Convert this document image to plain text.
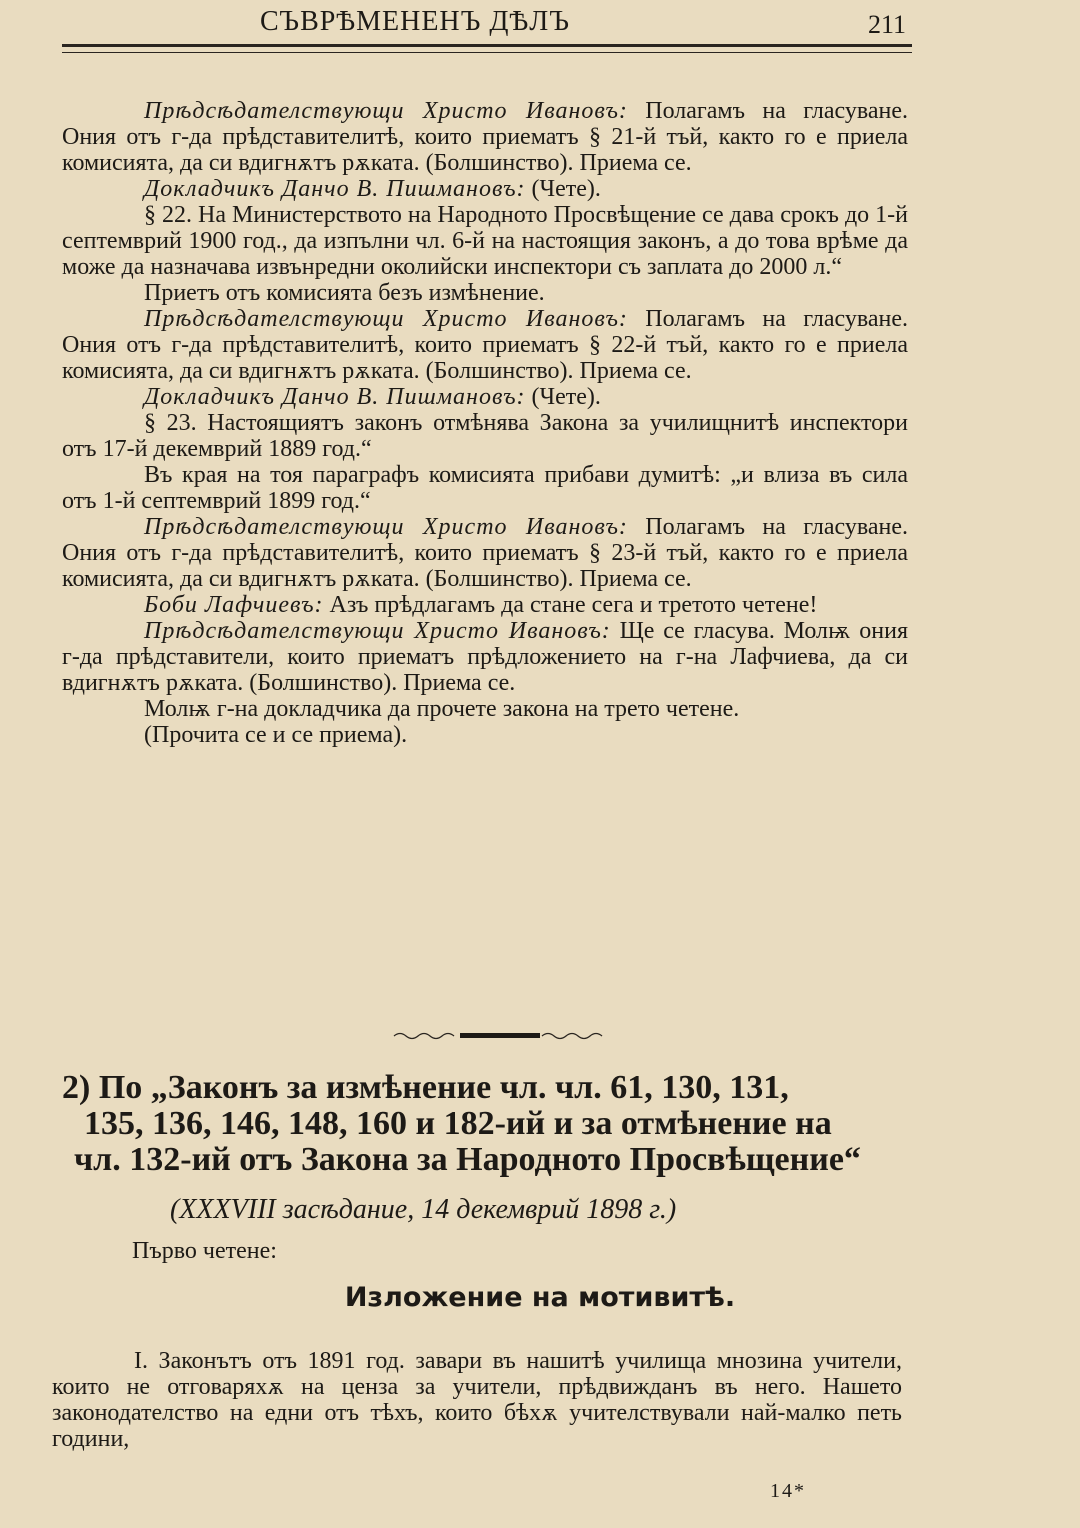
СЪВРѢМЕНЕНЪ ДѢЛЪ	211

Прѣдсѣдателствующи Христо Ивановъ: Полагамъ на гласуване. Ония отъ г-да прѣдставителитѣ, които приематъ § 21-й тъй, както го е приела комисията, да си вдигнѫтъ рѫката. (Болшинство). Приема се.

Докладчикъ Данчо В. Пишмановъ: (Чете).

§ 22. На Министерството на Народното Просвѣщение се дава срокъ до 1-й септемврий 1900 год., да изпълни чл. 6-й на настоящия законъ, а до това врѣме да може да назначава извънредни околийски инспектори съ заплата до 2000 л.“

Приетъ отъ комисията безъ измѣнение.

Прѣдсѣдателствующи Христо Ивановъ: Полагамъ на гласуване. Ония отъ г-да прѣдставителитѣ, които приематъ § 22-й тъй, както го е приела комисията, да си вдигнѫтъ рѫката. (Болшинство). Приема се.

Докладчикъ Данчо В. Пишмановъ: (Чете).

§ 23. Настоящиятъ законъ отмѣнява Закона за училищнитѣ инспектори отъ 17-й декемврий 1889 год.“

Въ края на тоя параграфъ комисията прибави думитѣ: „и влиза въ сила отъ 1-й септемврий 1899 год.“

Прѣдсѣдателствующи Христо Ивановъ: Полагамъ на гласуване. Ония отъ г-да прѣдставителитѣ, които приематъ § 23-й тъй, както го е приела комисията, да си вдигнѫтъ рѫката. (Болшинство). Приема се.

Боби Лафчиевъ: Азъ прѣдлагамъ да стане сега и третото четене!

Прѣдсѣдателствующи Христо Ивановъ: Ще се гласува. Молѭ ония г-да прѣдставители, които приематъ прѣдложението на г-на Лафчиева, да си вдигнѫтъ рѫката. (Болшинство). Приема се.

Молѭ г-на докладчика да прочете закона на трето четене.

(Прочита се и се приема).

2) По „Законъ за измѣнение чл. чл. 61, 130, 131,

135, 136, 146, 148, 160 и 182-ий и за отмѣнение на

чл. 132-ий отъ Закона за Народното Просвѣщение“

(XXXVIII засѣдание, 14 декемврий 1898 г.)
Първо четене:
Изложение на мотивитѣ.

I. Законътъ отъ 1891 год. завари въ нашитѣ училища мнозина учители, които не отговаряхѫ на ценза за учители, прѣдвижданъ въ него. Нашето законодателство на едни отъ тѣхъ, които бѣхѫ учителствували най-малко петь години,

14*
